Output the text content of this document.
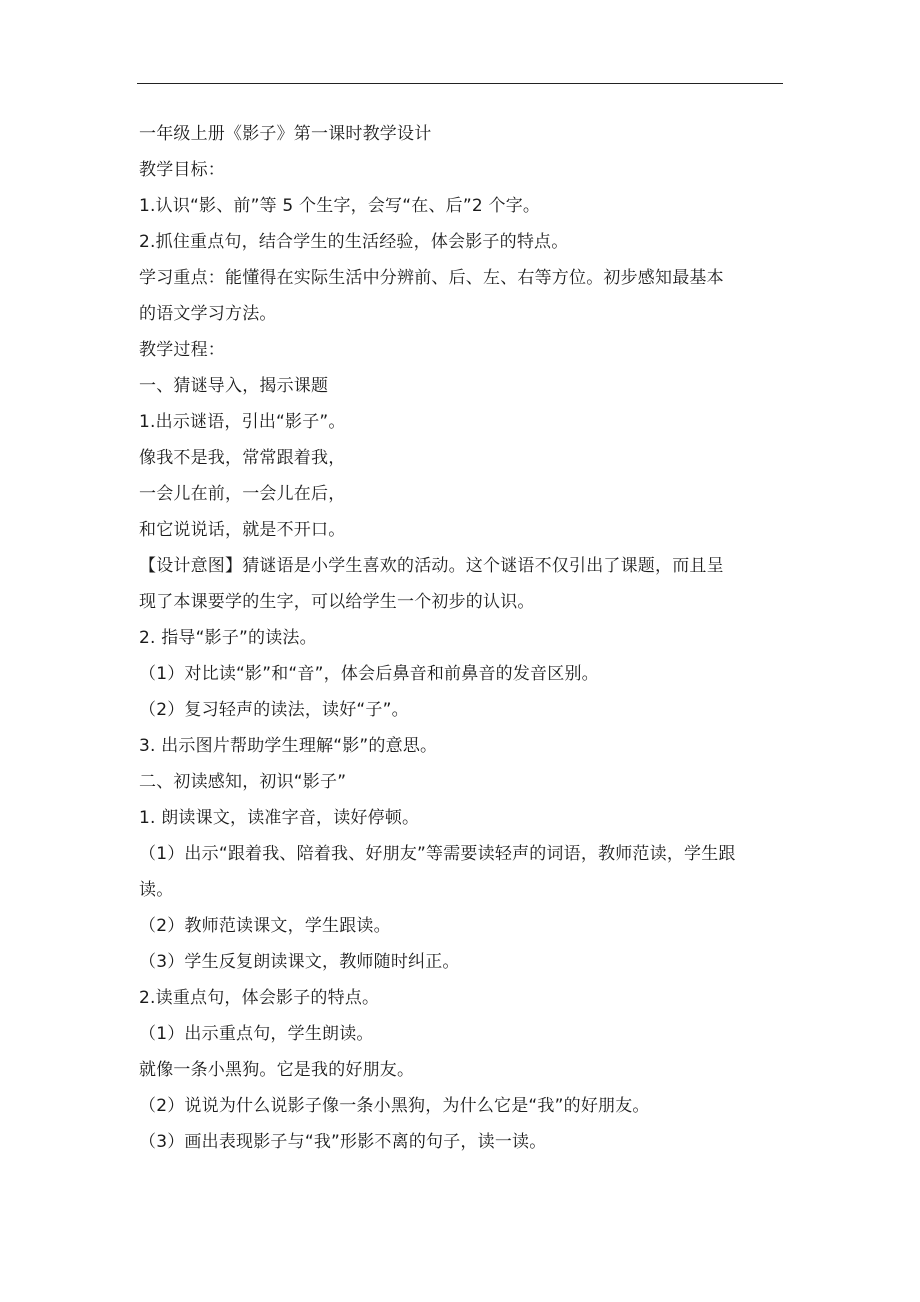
一年级上册《影子》第一课时教学设计
教学目标：
1.认识“影、前”等 5 个生字，会写“在、后”2 个字。
2.抓住重点句，结合学生的生活经验，体会影子的特点。
学习重点：能懂得在实际生活中分辨前、后、左、右等方位。初步感知最基本
的语文学习方法。
教学过程：
一、猜谜导入，揭示课题
1.出示谜语，引出“影子”。
像我不是我，常常跟着我，
一会儿在前，一会儿在后，
和它说说话，就是不开口。
【设计意图】猜谜语是小学生喜欢的活动。这个谜语不仅引出了课题，而且呈
现了本课要学的生字，可以给学生一个初步的认识。
2. 指导“影子”的读法。
（1）对比读“影”和“音”，体会后鼻音和前鼻音的发音区别。
（2）复习轻声的读法，读好“子”。
3. 出示图片帮助学生理解“影”的意思。
二、初读感知，初识“影子”
1. 朗读课文，读准字音，读好停顿。
（1）出示“跟着我、陪着我、好朋友”等需要读轻声的词语，教师范读，学生跟
读。
（2）教师范读课文，学生跟读。
（3）学生反复朗读课文，教师随时纠正。
2.读重点句，体会影子的特点。
（1）出示重点句，学生朗读。
就像一条小黑狗。它是我的好朋友。
（2）说说为什么说影子像一条小黑狗，为什么它是“我”的好朋友。
（3）画出表现影子与“我”形影不离的句子，读一读。
